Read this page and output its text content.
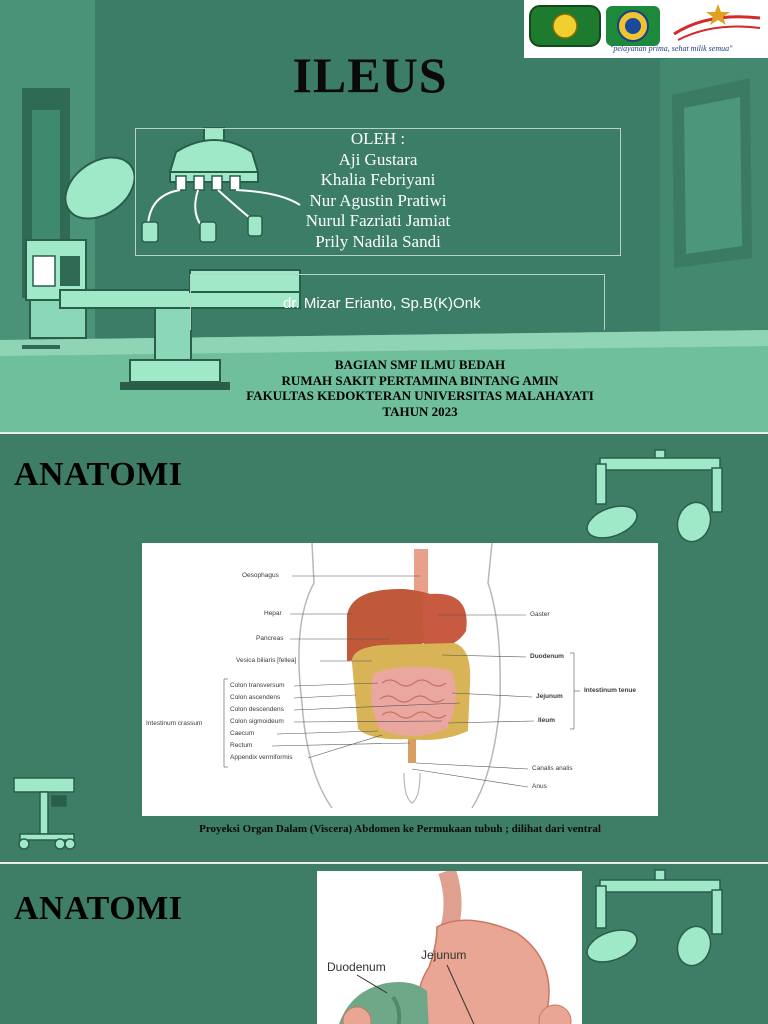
"pelayanan prima, sehat milik semua"
ILEUS
OLEH :
Aji Gustara
Khalia Febriyani
Nur Agustin Pratiwi
Nurul Fazriati Jamiat
Prily Nadila Sandi
dr. Mizar Erianto, Sp.B(K)Onk
BAGIAN SMF ILMU BEDAH
RUMAH SAKIT PERTAMINA BINTANG AMIN
FAKULTAS KEDOKTERAN UNIVERSITAS MALAHAYATI
TAHUN 2023
ANATOMI
Oesophagus
Hepar
Pancreas
Vesica biliaris [fellea]
Colon transversum
Colon ascendens
Colon descendens
Colon sigmoideum
Caecum
Rectum
Appendix vermiformis
Intestinum crassum
Gaster
Duodenum
Jejunum
Ileum
Intestinum tenue
Canalis analis
Anus
Proyeksi Organ Dalam (Viscera) Abdomen ke Permukaan tubuh ; dilihat dari ventral
ANATOMI
Duodenum
Jejunum
